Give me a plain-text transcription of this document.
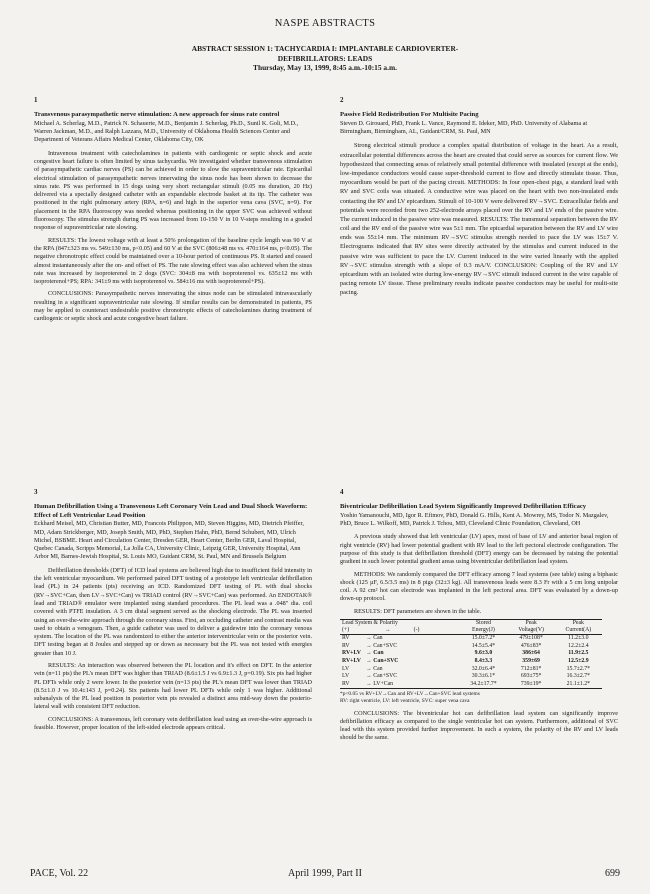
NASPE ABSTRACTS
ABSTRACT SESSION 1: TACHYCARDIA I: IMPLANTABLE CARDIOVERTER-
DEFIBRILLATORS: LEADS
Thursday, May 13, 1999, 8:45 a.m.-10:15 a.m.
1
Transvenous parasympathetic nerve stimulation: A new approach for sinus rate control
Michael A. Scherlag, M.D., Patrick N. Schauerte, M.D., Benjamin J. Scherlag, Ph.D., Sunil K. Goli, M.D., Warren Jackman, M.D., and Ralph Lazzara, M.D., University of Oklahoma Health Sciences Center and Department of Veterans Affairs Medical Center, Oklahoma City, OK

Intravenous treatment with catecholamines in patients with cardiogenic or septic shock and acute congestive heart failure is often limited by sinus tachycardia. We investigated whether transvenous stimulation of parasympathetic cardiac nerves (PS) can be achieved in order to slow the supraventricular rate. Epicardial electrical stimulation of parasympathetic nerves innervating the sinus node has been shown to decrease the sinus rate. PS was performed in 15 dogs using very short rectangular stimuli (0.05 ms duration, 20 Hz) delivered via a specially designed catheter with an expandable electrode basket at its tip. The catheter was positioned in the right pulmonary artery (RPA, n=6) and high in the superior vena cava (SVC, n=9). For placement in the RPA fluoroscopy was needed whereas positioning in the upper SVC was achieved without fluoroscopy. The stimulus strength during PS was increased from 10-150 V in 10 V-steps resulting in a graded response of supraventricular rate slowing.

RESULTS: The lowest voltage with at least a 50% prolongation of the baseline cycle length was 90 V at the RPA (847±323 ms vs. 549±130 ms, p<0.05) and 60 V at the SVC (806±48 ms vs. 470±164 ms, p<0.05). The negative chronotropic effect could be maintained over a 10-hour period of continuous PS. It started and ceased almost instantaneously after the on- and offset of PS. The rate slowing effect was also achieved when the sinus rate was increased by isoproterenol in 2 dogs (SVC: 304±8 ms with isoproterenol vs. 635±12 ms with isoproterenol+PS; RPA: 341±9 ms with isoproterenol vs. 584±16 ms with isoproterenol+PS).

CONCLUSIONS: Parasympathetic nerves innervating the sinus node can be stimulated intravascularly resulting in a significant supraventricular rate slowing. If similar results can be demonstrated in patients, PS may be applied to counteract undesirable positive chronotropic effects of catecholamines during treatment of cardiogenic or septic shock and acute congestive heart failure.

2
Passive Field Redistribution For Multisite Pacing
Steven D. Girouard, PhD, Frank L. Vance, Raymond E. Ideker, MD, PhD. University of Alabama at Birmingham, Birmingham, AL, Guidant/CRM, St. Paul, MN

Strong electrical stimuli produce a complex spatial distribution of voltage in the heart. As a result, extracellular potential differences across the heart are created that could serve as sources for current flow. We hypothesized that connecting areas of relatively small potential difference with insulated (except at the ends), low-impedance conductors would cause super-threshold current to flow and directly stimulate tissue. Thus, myocardium would be part of the pacing circuit. METHODS: In four open-chest pigs, a standard lead with RV and SVC coils was situated. A conductive wire was placed on the heart with two non-insulated ends contacting the RV and LV epicardium. Stimuli of 10-100 V were delivered RV→SVC. Extracellular fields and potentials were recorded from two 252-electrode arrays placed over the RV and LV ends of the passive wire. The current induced in the passive wire was measured. RESULTS: The transmural separation between the RV coil and the RV end of the passive wire was 5±1 mm. The epicardial separation between the RV and LV wire ends was 55±14 mm. The minimum RV→SVC stimulus strength needed to pace the LV was 15±7 V. Electrograms indicated that RV sites were directly activated by the stimulus and current induced in the passive wire was sufficient to pace the LV. Current induced in the wire varied linearly with the applied RV→SVC stimulus strength with a slope of 0.3 mA/V. CONCLUSION: Coupling of the RV and LV epicardium with an isolated wire during low-energy RV→SVC stimuli induced current in the wire capable of pacing remote LV tissue. These preliminary results indicate passive conductors may be useful for multi-site pacing.

3
Human Defibrillation Using a Transvenous Left Coronary Vein Lead and Dual Shock Waveform: Effect of Left Ventricular Lead Position
Eckhard Meisel, MD, Christian Butter, MD, Francois Philippon, MD, Steven Higgins, MD, Dietrich Pfeiffer, MD, Adam Strickberger, MD, Joseph Smith, MD, PhD, Stephen Hahn, PhD, Bernd Schubert, MD, Ulrich Michel, BSBME. Heart and Circulation Center, Dresden GER, Heart Center, Berlin GER, Laval Hospital, Quebec Canada, Scripps Memorial, La Jolla CA, University Clinic, Leipzig GER, University Hospital, Ann Arbor MI, Barnes-Jewish Hospital, St. Louis MO, Guidant CRM, St. Paul, MN and Brussels Belgium

Defibrillation thresholds (DFT) of ICD lead systems are believed high due to insufficient field intensity in the left ventricular myocardium. We performed paired DFT testing of a prototype left ventricular defibrillation lead (PL) in 24 patients (pts) receiving an ICD. Randomized DFT testing of PL with dual shocks (RV→SVC+Can, then LV→SVC+Can) vs TRIAD control (RV→SVC+Can) was performed. An ENDOTAK® lead and TRIAD® emulator were implanted using standard procedures. The PL lead was a .048" dia. coil covered with PTFE insulation. A 3 cm distal segment served as the shocking electrode. The PL was inserted using an over-the-wire approach through the coronary sinus. First, an occluding catheter and contrast media was used to obtain a venogram. Then, a guide catheter was used to deliver a guidewire into the coronary venous system. The location of the PL was randomized to either the anterior interventricular vein or the posterior vein. DFT testing began at 8 Joules and stepped up or down as necessary but the PL was not tested with energies greater than 10 J.

RESULTS: An interaction was observed between the PL location and it's effect on DFT. In the anterior vein (n=11 pts) the PL's mean DFT was higher than TRIAD (8.6±1.5 J vs 6.9±1.3 J, p=0.19). Six pts had higher PL DFTs while only 2 were lower. In the posterior vein (n=13 pts) the PL's mean DFT was lower than TRIAD (8.5±1.0 J vs 10.4±143 J, p=0.24). Six patients had lower PL DFTs while only 1 was higher. Additional subanalysis of the PL lead position in posterior vein pts revealed a distinct area mid-way down the posterio-lateral wall with consistent DFT reduction.

CONCLUSIONS: A transvenous, left coronary vein defibrillation lead using an over-the-wire approach is feasible. However, proper location of the left-sided electrode appears critical.

4
Biventricular Defibrillation Lead System Significantly Improved Defibrillation Efficacy
Yoshio Yamanouchi, MD, Igor R. Efimov, PhD, Donald G. Hills, Kent A. Mowrey, MS, Todor N. Mazgalev, PhD, Bruce L. Wilkoff, MD, Patrick J. Tchou, MD, Cleveland Clinic Foundation, Cleveland, OH

A previous study showed that left ventricular (LV) apex, most of base of LV and anterior basal region of right ventricle (RV) had lower potential gradient with RV lead to the left pectoral electrode configuration. The purpose of this study is that defibrillation threshold (DFT) energy can be decreased by raising the potential gradient in such lower potential gradient areas using biventricular defibrillation lead system.

METHODS: We randomly compared the DFT efficacy among 7 lead systems (see table) using a biphasic shock (125 µF, 6.5/3.5 ms) in 8 pigs (32±3 kg). All transvenous leads were 8.3 Fr with a 5 cm long unipolar coil. A 92 cm² hot can electrode was implanted in the left pectoral area. DFT was evaluated by a down-up down-up protocol.

RESULTS: DFT parameters are shown in the table.

Lead System & Polarity			Stored	Peak	Peak
(+)	→	(-)	Energy(J)	Voltage(V)	Current(A)
RV	→ Can		15.0±7.2*	479±108*	11.2±3.0
RV	→ Can+SVC		14.5±5.4*	476±83*	12.2±2.4
RV+LV	→ Can		9.6±3.0	386±64	11.9±2.5
RV+LV	→ Can+SVC		8.4±3.3	359±69	12.5±2.9
LV	→ Can		32.0±6.4*	712±81*	15.7±2.7*
LV	→ Can+SVC		30.3±6.1*	693±75*	16.3±2.7*
RV	→ LV+Can		34.2±17.7*	739±19*	21.1±1.2*
*p<0.05 vs RV+LV→Can and RV+LV→Can+SVC lead systems
RV: right ventricle, LV: left ventricle, SVC: super vena cava

CONCLUSIONS: The biventricular hot can defibrillation lead system can significantly improve defibrillation efficacy as compared to the single ventricular hot can system. Furthermore, additional of SVC lead with this system provided further improvement. In such a system, the polarity of the RV and LV leads should be the same.

PACE, Vol. 22	April 1999, Part II	699
